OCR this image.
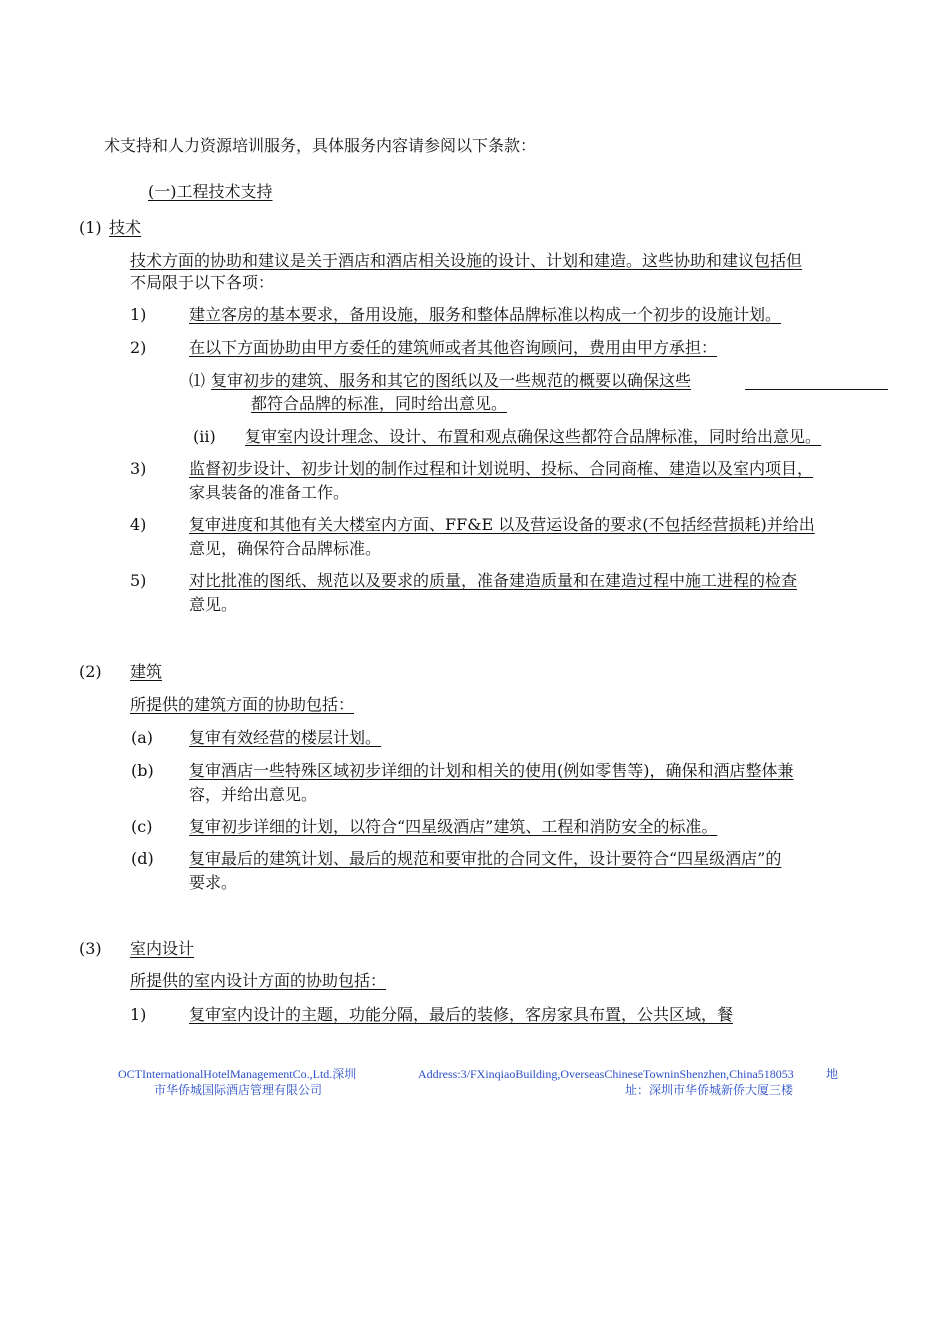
术支持和人力资源培训服务，具体服务内容请参阅以下条款：
(一)工程技术支持
(1) 技术
技术方面的协助和建议是关于酒店和酒店相关设施的设计、计划和建造。这些协助和建议包括但
不局限于以下各项：
1)	建立客房的基本要求，备用设施，服务和整体品牌标准以构成一个初步的设施计划。
2)	在以下方面协助由甲方委任的建筑师或者其他咨询顾问，费用由甲方承担：
⑴ 复审初步的建筑、服务和其它的图纸以及一些规范的概要以确保这些
都符合品牌的标准，同时给出意见。
(ii) 复审室内设计理念、设计、布置和观点确保这些都符合品牌标准，同时给出意见。
3)	监督初步设计、初步计划的制作过程和计划说明、投标、合同商榷、建造以及室内项目，
家具装备的准备工作。
4)	复审进度和其他有关大楼室内方面、FF&E 以及营运设备的要求(不包括经营损耗)并给出
意见，确保符合品牌标准。
5)	对比批准的图纸、规范以及要求的质量，准备建造质量和在建造过程中施工进程的检查
意见。
(2) 建筑
所提供的建筑方面的协助包括：
(a) 复审有效经营的楼层计划。
(b) 复审酒店一些特殊区域初步详细的计划和相关的使用(例如零售等)，确保和酒店整体兼
容，并给出意见。
(c) 复审初步详细的计划，以符合“四星级酒店”建筑、工程和消防安全的标准。
(d) 复审最后的建筑计划、最后的规范和要审批的合同文件，设计要符合“四星级酒店”的
要求。
(3) 室内设计
所提供的室内设计方面的协助包括：
1)	复审室内设计的主题，功能分隔，最后的装修，客房家具布置，公共区域，餐
OCTInternationalHotelManagementCo.,Ltd.深圳
市华侨城国际酒店管理有限公司
Address:3/FXinqiaoBuilding,OverseasChineseTowninShenzhen,China518053	地
址：深圳市华侨城新侨大厦三楼
